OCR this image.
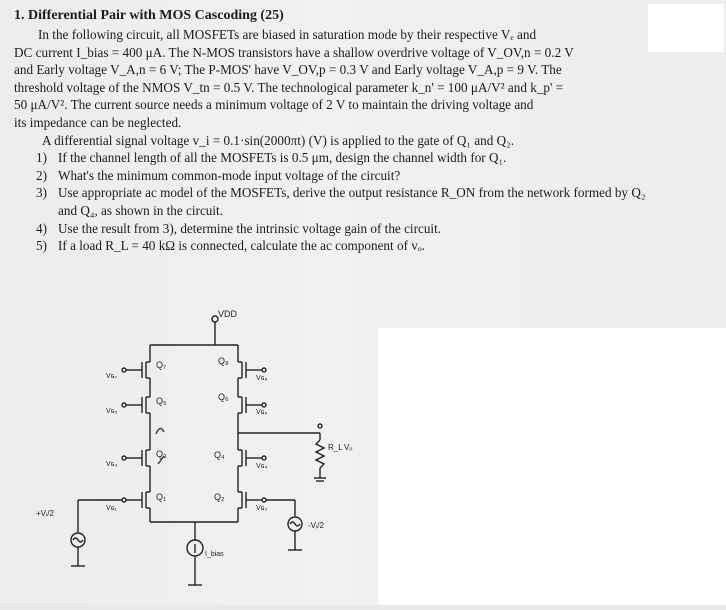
1. Differential Pair with MOS Cascoding (25)

In the following circuit, all MOSFETs are biased in saturation mode by their respective Vₑ and
DC current I_bias = 400 μA. The N-MOS transistors have a shallow overdrive voltage of V_OV,n = 0.2 V
and Early voltage V_A,n = 6 V; The P-MOS' have V_OV,p = 0.3 V and Early voltage V_A,p = 9 V. The
threshold voltage of the NMOS V_tn = 0.5 V. The technological parameter k_n' = 100 μA/V² and k_p' =
50 μA/V². The current source needs a minimum voltage of 2 V to maintain the driving voltage and
its impedance can be neglected.

A differential signal voltage v_i = 0.1·sin(2000πt) (V) is applied to the gate of Q₁ and Q₂.

1) If the channel length of all the MOSFETs is 0.5 μm, design the channel width for Q₁.
2) What's the minimum common-mode input voltage of the circuit?
3) Use appropriate ac model of the MOSFETs, derive the output resistance R_ON from the network formed by Q₂ and Q₄, as shown in the circuit.
4) Use the result from 3), determine the intrinsic voltage gain of the circuit.
5) If a load R_L = 40 kΩ is connected, calculate the ac component of vₒ.
VDD
Q₇
Q₅
Q₃
Q₁
Q₈
Q₆
Q₄
Q₂
Vɢ₇
Vɢ₅
Vɢ₃
Vɢ₁
Vɢ₈
Vɢ₆
Vɢ₄
Vɢ₂
I_bias
R_L Vₒ
+Vᵢ/2
-Vᵢ/2
